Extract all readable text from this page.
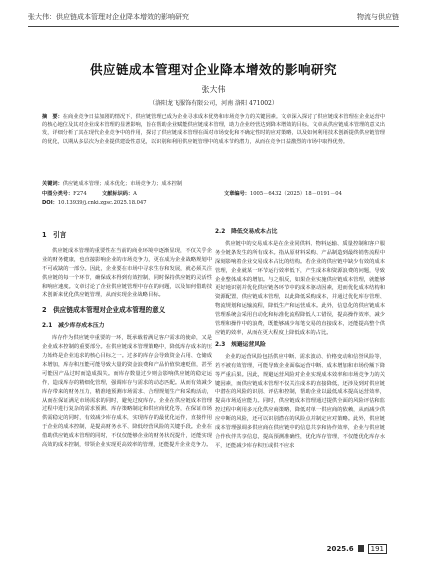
张大伟：供应链成本管理对企业降本增效的影响研究	物流与供应链
供应链成本管理对企业降本增效的影响研究
张大伟
（洛阳龙飞服饰有限公司，河南 洛阳 471002）
摘　要：在商业竞争日益加剧的情况下，供应链管理已成为企业寻求成本优势和市场竞争力的关键因素。文章深入探讨了供应链成本管理在企业运营中的核心地位及其对企业成本管理的显著影响，旨在帮助企业赋能供应链成本管理，助力企业经营达到降本增效的目标。文章从供应链成本管理的意义出发，详细分析了其在现代企业竞争中的作用，探讨了供应链成本管理在面对市场变化和不确定性时的应对策略，以及如何利用技术创新提供供应链管理的优化，以期从多层次为企业提供建设性意见，以识别和利用供应链管理中的成本节约潜力，从而在竞争日益激烈的市场中取得优势。
关键词：供应链成本管理；成本优化；市场竞争力；成本控制
中图分类号：F274	文献标识码：A	文章编号：1005－6432（2025）18－0191－04
DOI：10.13939/j.cnki.zgsc.2025.18.047
1　引言

供应链成本管理的重要性在当前的商业环境中逐渐显现，不仅关乎企业的财务健康，也直接影响企业的市场竞争力，更在成为企业战略规划中不可或缺的一部分。因此，企业要在市场中寻求生存和发展，就必须关注供应链的每一个环节，确保成本得到有效控制，同时保持供应链的灵活性和响应速度。文章讨论了企业供应链管理中存在的问题，以及如何借助技术创新来优化供应链管理，从而实现企业战略目标。

2　供应链成本管理对企业成本管理的意义
2.1　减少库存成本压力

库存作为供应链中重要的一环，既承载着满足客户需求的使命，又是企业成本控制的重要部分。在供应链成本管理策略中，降低库存成本的压力始终是企业追求的核心目标之一。过多的库存会导致资金占用、仓储成本增加，库存积压能可能导致大量的资金浪费和产品价值快速贬值，甚至可能因产品过时而造成损失。而库存数量过少则会影响供应链的稳定运作，造成库存的精细化管理，强调库存与需求的动态匹配。从而有效减少库存带来的财务压力，精准地预测市场需求、合理规划生产和采购活动，从而在保证满足市场需求的同时，避免过度库存。企业在供应链成本管理过程中进行复杂的需求预测、库存策略制定和供应商优化等，在保证市场供需稳定的同时，有效减少库存成本，实现库存的最优化运作，直接作用于企业的成本控制，是提高财务水平、降低经营风险的关键手段。企业在借助供应链成本管理的同时，不仅仅能够企业的财务状况提升，还能实现高效的成本控制，带领企业实现更高效率的管理，还能提升企业竞争力。

2.2　降低交易成本占比

供应链中的交易成本是在企业同供料、物料运输、质量控制和客户服务全链条发生的所有成本。指从原材料采购、产品制造到最终销售流程中深刻影响着企业交易成本占比的结构。若企业的供应链中缺少有效的成本管理，企业就某一环节运行效率低下，产生成本和资源浪费的问题，导致企业整体成本的增加。与之相反，如果企业实施供应链成本管理，就能够更好地识别并优化供应链各环节中的成本驱动因素，进而优化成本结构和资源配置，供应链成本管理，以此降低采购成本，并通过优化库存管理、物流规划和运输流程，降低生产和运营成本。此外，信息化的供应链成本管理系统会采用自动化和标准化流程降低人工错误，提高操作效率，减少管理和操作中的浪费，既能够减少每笔交易的直接成本，还能提高整个供应链的效率，从而在更大程度上降低成本的占比。

2.3　规避运营风险

企业的运营风险包括供应中断、需求波动、价格变动和信誉风险等，若不被有效管理，可能导致企业面临运营中断、成本增加和市场份额下降等严重后果。因此，规避运营风险对企业实现成本效率和市场竞争力的关键因素，而供应链成本管理不仅关注成本的直接降低，还涉及到对供应链中潜在的风险的识别、评估和控制，帮助企业以最低成本提高运营效率，提高市场适应能力。同时，供应链成本管理通过提供全面的风险评估和监控过程中利用多元化供应商策略，降低对单一供应商的依赖，从而减少供应中断的风险，还可以识别潜在的风险点并制定应对策略。此外，供应链成本管理强调多供应商在供应链中的信息共享和协作效率，企业与供应链合作伙伴共享信息，提高预测准确性，优化库存管理，不仅能优化库存水平，还能减少库存积压或供不应求

2025.6 191
